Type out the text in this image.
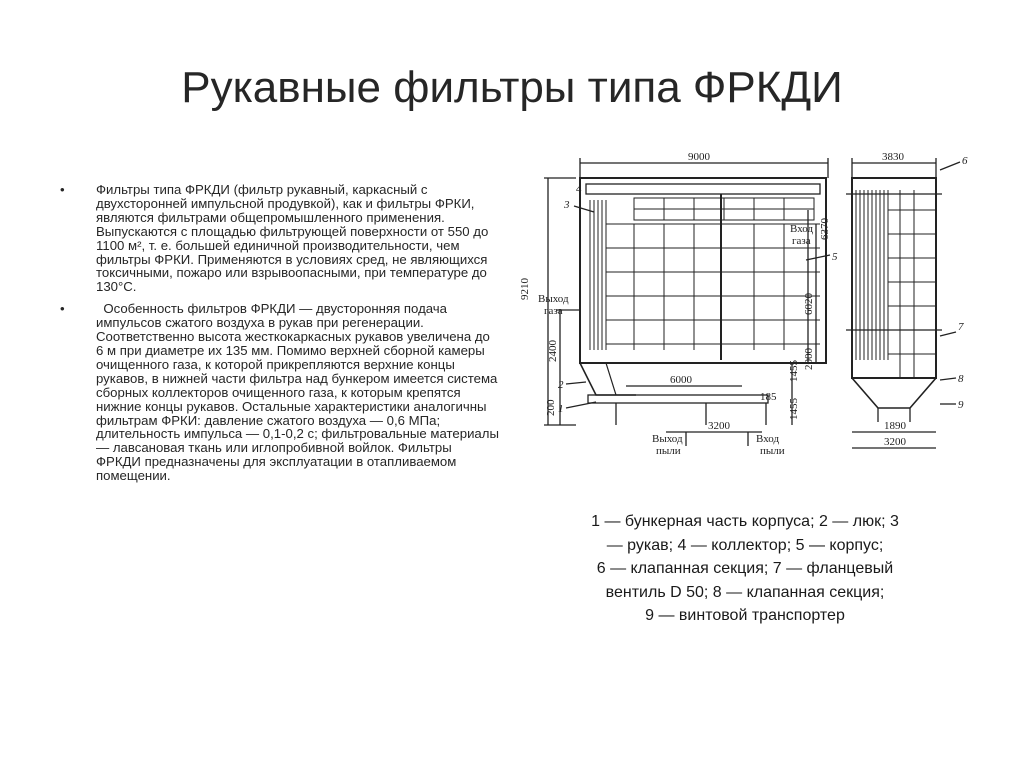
Рукавные фильтры типа ФРКДИ
• Фильтры типа ФРКДИ (фильтр рукавный, каркасный с двухсторонней импульсной продувкой), как и фильтры ФРКИ, являются фильтрами общепромышленного применения. Выпускаются с площадью фильтрующей поверхности от 550 до 1100 м², т. е. большей единичной производительности, чем фильтры ФРКИ. Применяются в условиях сред, не являющихся токсичными, пожаро или взрывоопасными, при температуре до 130°С.
• Особенность фильтров ФРКДИ — двусторонняя подача импульсов сжатого воздуха в рукав при регенерации. Соответственно высота жесткокаркасных рукавов увеличена до 6 м при диаметре их 135 мм. Помимо верхней сборной камеры очищенного газа, к которой прикрепляются верхние концы рукавов, в нижней части фильтра над бункером имеется система сборных коллекторов очищенного газа, к которым крепятся нижние концы рукавов. Остальные характеристики аналогичны фильтрам ФРКИ: давление сжатого воздуха — 0,6 МПа; длительность импульса — 0,1-0,2 с; фильтровальные материалы — лавсановая ткань или иглопробивной войлок. Фильтры ФРКДИ предназначены для эксплуатации в отапливаемом помещении.
9000	3830
9210
6020
6370
2400	2000
1455
1455
200
6000
185
3200	1890
3200
Выход
газа
Вход
газа
Выход
пыли
Вход
пыли
3
4
5
2
1
6
7
8
9
1 — бункерная часть корпуса; 2 — люк; 3
— рукав; 4 — коллектор; 5 — корпус;
6 — клапанная секция; 7 — фланцевый
вентиль D 50; 8 — клапанная секция;
9 — винтовой транспортер
